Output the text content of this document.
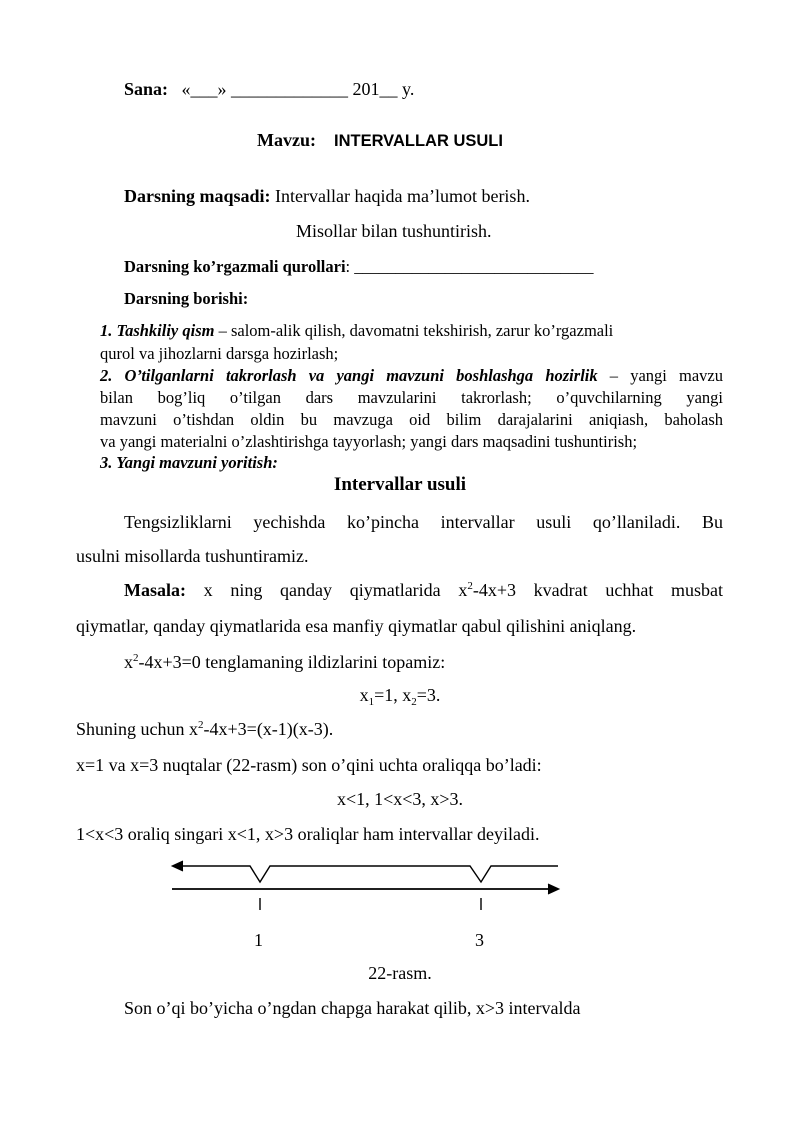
Sana: «___» _____________ 201__ y.
Mavzu: INTERVALLAR USULI
Darsning maqsadi: Intervallar haqida ma’lumot berish.
Misollar bilan tushuntirish.
Darsning ko’rgazmali qurollari: _____________________________
Darsning borishi:
1. Tashkiliy qism – salom-alik qilish, davomatni tekshirish, zarur ko’rgazmali
qurol va jihozlarni darsga hozirlash;
2. O’tilganlarni takrorlash va yangi mavzuni boshlashga hozirlik – yangi mavzu
bilan bog’liq o’tilgan dars mavzularini takrorlash; o’quvchilarning yangi
mavzuni o’tishdan oldin bu mavzuga oid bilim darajalarini aniqiash, baholash
va yangi materialni o’zlashtirishga tayyorlash; yangi dars maqsadini tushuntirish;
3. Yangi mavzuni yoritish:
Intervallar usuli
Tengsizliklarni yechishda ko’pincha intervallar usuli qo’llaniladi. Bu
usulni misollarda tushuntiramiz.
Masala: x ning qanday qiymatlarida $x^2-4x+3$ kvadrat uchhat musbat
qiymatlar, qanday qiymatlarida esa manfiy qiymatlar qabul qilishini aniqlang.
$x^2-4x+3=0$ tenglamaning ildizlarini topamiz:
$x_1=1$, $x_2=3$.
Shuning uchun $x^2-4x+3=(x-1)(x-3)$.
x=1 va x=3 nuqtalar (22-rasm) son o’qini uchta oraliqqa bo’ladi:
x<1, 1<x<3, x>3.
1<x<3 oraliq singari x<1, x>3 oraliqlar ham intervallar deyiladi.
1	3
22-rasm.
Son o’qi bo’yicha o’ngdan chapga harakat qilib, x>3 intervalda
